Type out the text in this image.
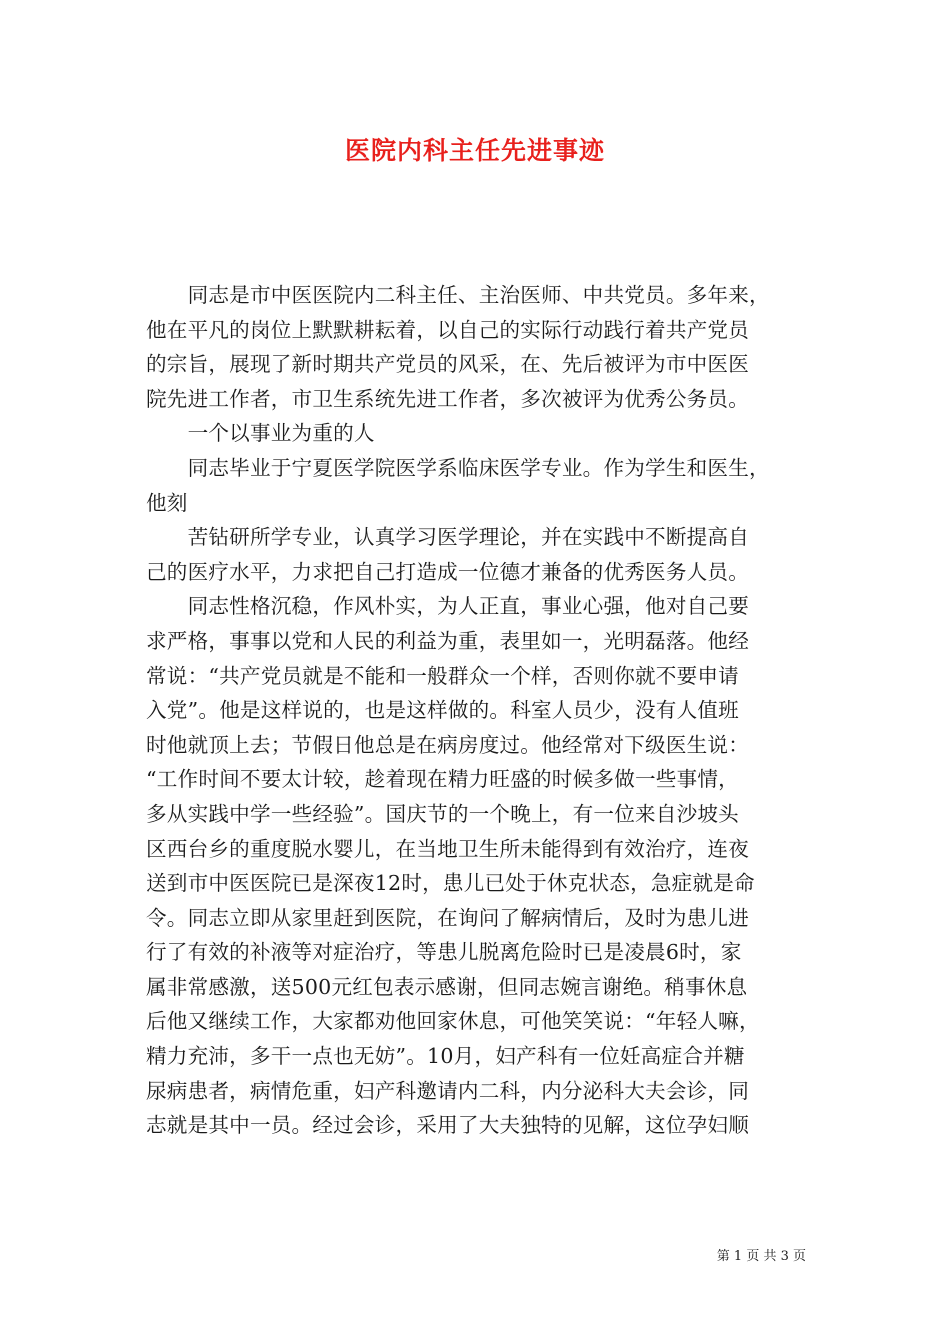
医院内科主任先进事迹
　　同志是市中医医院内二科主任、主治医师、中共党员。多年来，
他在平凡的岗位上默默耕耘着，以自己的实际行动践行着共产党员
的宗旨，展现了新时期共产党员的风采，在、先后被评为市中医医
院先进工作者，市卫生系统先进工作者，多次被评为优秀公务员。
　　一个以事业为重的人
　　同志毕业于宁夏医学院医学系临床医学专业。作为学生和医生，
他刻
　　苦钻研所学专业，认真学习医学理论，并在实践中不断提高自
己的医疗水平，力求把自己打造成一位德才兼备的优秀医务人员。
　　同志性格沉稳，作风朴实，为人正直，事业心强，他对自己要
求严格，事事以党和人民的利益为重，表里如一，光明磊落。他经
常说：“共产党员就是不能和一般群众一个样，否则你就不要申请
入党”。他是这样说的，也是这样做的。科室人员少，没有人值班
时他就顶上去；节假日他总是在病房度过。他经常对下级医生说：
“工作时间不要太计较，趁着现在精力旺盛的时候多做一些事情，
多从实践中学一些经验”。国庆节的一个晚上，有一位来自沙坡头
区西台乡的重度脱水婴儿，在当地卫生所未能得到有效治疗，连夜
送到市中医医院已是深夜12时，患儿已处于休克状态，急症就是命
令。同志立即从家里赶到医院，在询问了解病情后，及时为患儿进
行了有效的补液等对症治疗，等患儿脱离危险时已是凌晨6时，家
属非常感激，送500元红包表示感谢，但同志婉言谢绝。稍事休息
后他又继续工作，大家都劝他回家休息，可他笑笑说：“年轻人嘛，
精力充沛，多干一点也无妨”。10月，妇产科有一位妊高症合并糖
尿病患者，病情危重，妇产科邀请内二科，内分泌科大夫会诊，同
志就是其中一员。经过会诊，采用了大夫独特的见解，这位孕妇顺
第 1 页 共 3 页
